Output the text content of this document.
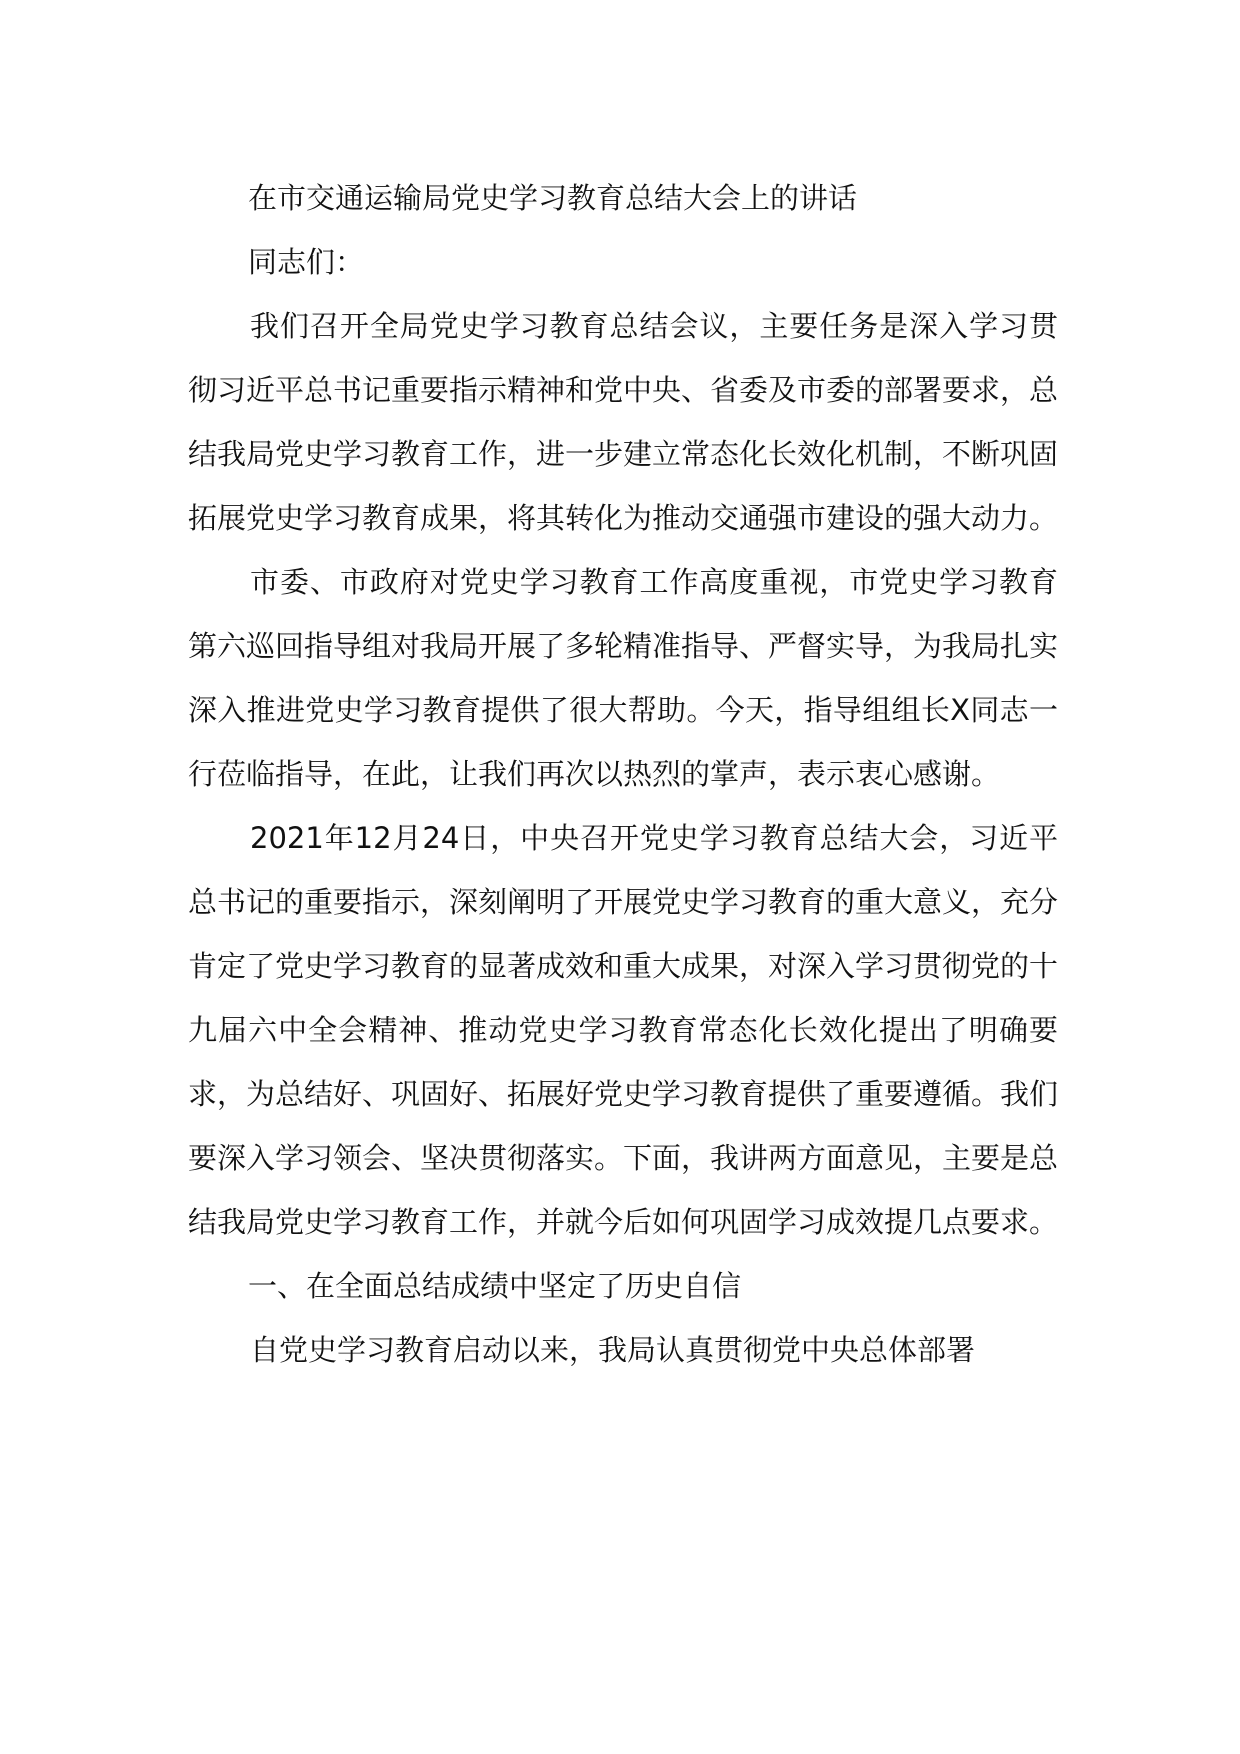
在市交通运输局党史学习教育总结大会上的讲话

同志们：

我们召开全局党史学习教育总结会议，主要任务是深入学习贯彻习近平总书记重要指示精神和党中央、省委及市委的部署要求，总结我局党史学习教育工作，进一步建立常态化长效化机制，不断巩固拓展党史学习教育成果，将其转化为推动交通强市建设的强大动力。

市委、市政府对党史学习教育工作高度重视，市党史学习教育第六巡回指导组对我局开展了多轮精准指导、严督实导，为我局扎实深入推进党史学习教育提供了很大帮助。今天，指导组组长X同志一行莅临指导，在此，让我们再次以热烈的掌声，表示衷心感谢。

2021年12月24日，中央召开党史学习教育总结大会，习近平总书记的重要指示，深刻阐明了开展党史学习教育的重大意义，充分肯定了党史学习教育的显著成效和重大成果，对深入学习贯彻党的十九届六中全会精神、推动党史学习教育常态化长效化提出了明确要求，为总结好、巩固好、拓展好党史学习教育提供了重要遵循。我们要深入学习领会、坚决贯彻落实。下面，我讲两方面意见，主要是总结我局党史学习教育工作，并就今后如何巩固学习成效提几点要求。

一、在全面总结成绩中坚定了历史自信

自党史学习教育启动以来，我局认真贯彻党中央总体部署
